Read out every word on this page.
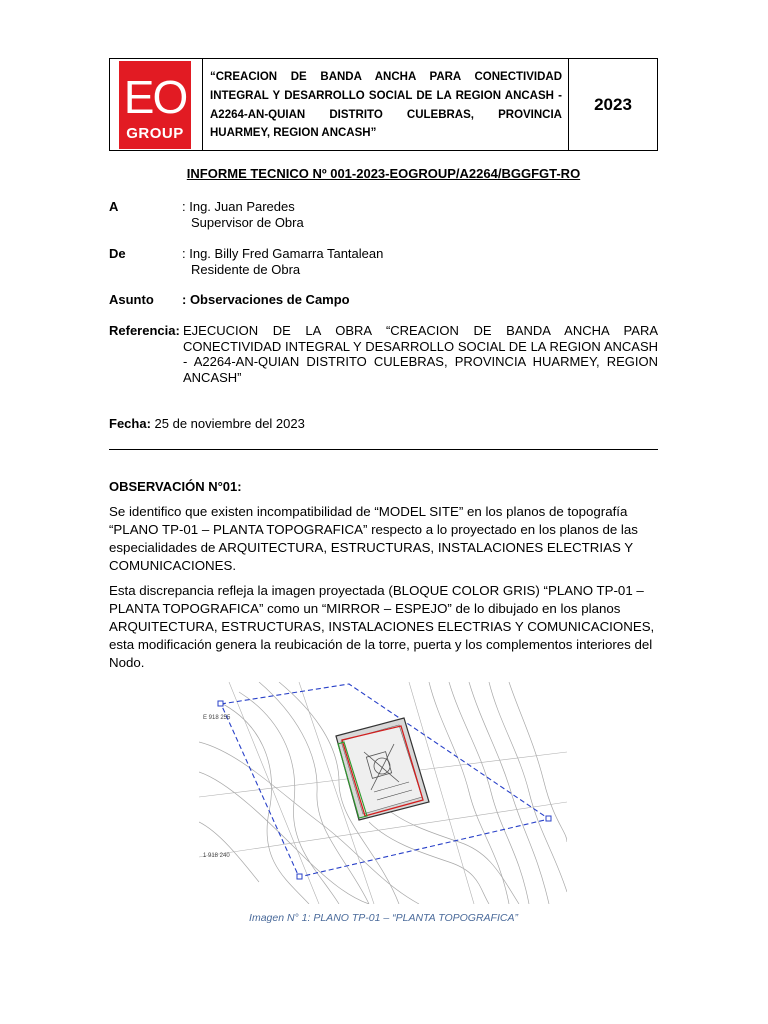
EO
GROUP
“CREACION DE BANDA ANCHA PARA CONECTIVIDAD INTEGRAL Y DESARROLLO SOCIAL DE LA REGION ANCASH - A2264-AN-QUIAN DISTRITO CULEBRAS, PROVINCIA HUARMEY, REGION ANCASH”
2023
INFORME TECNICO Nº 001-2023-EOGROUP/A2264/BGGFGT-RO
A	: Ing. Juan Paredes
Supervisor de Obra
De	: Ing. Billy Fred Gamarra Tantalean
Residente de Obra
Asunto : Observaciones de Campo
Referencia: EJECUCION DE LA OBRA “CREACION DE BANDA ANCHA PARA CONECTIVIDAD INTEGRAL Y DESARROLLO SOCIAL DE LA REGION ANCASH - A2264-AN-QUIAN DISTRITO CULEBRAS, PROVINCIA HUARMEY, REGION ANCASH”
Fecha: 25 de noviembre del 2023
OBSERVACIÓN N°01:

Se identifico que existen incompatibilidad de “MODEL SITE” en los planos de topografía “PLANO TP-01 – PLANTA TOPOGRAFICA” respecto a lo proyectado en los planos de las especialidades de ARQUITECTURA, ESTRUCTURAS, INSTALACIONES ELECTRIAS Y COMUNICACIONES.

Esta discrepancia refleja la imagen proyectada (BLOQUE COLOR GRIS) “PLANO TP-01 – PLANTA TOPOGRAFICA” como un “MIRROR – ESPEJO” de lo dibujado en los planos ARQUITECTURA, ESTRUCTURAS, INSTALACIONES ELECTRIAS Y COMUNICACIONES, esta modificación genera la reubicación de la torre, puerta y los complementos interiores del Nodo.

E 918 255
1 918 240
Imagen N° 1: PLANO TP-01 – “PLANTA TOPOGRAFICA”
